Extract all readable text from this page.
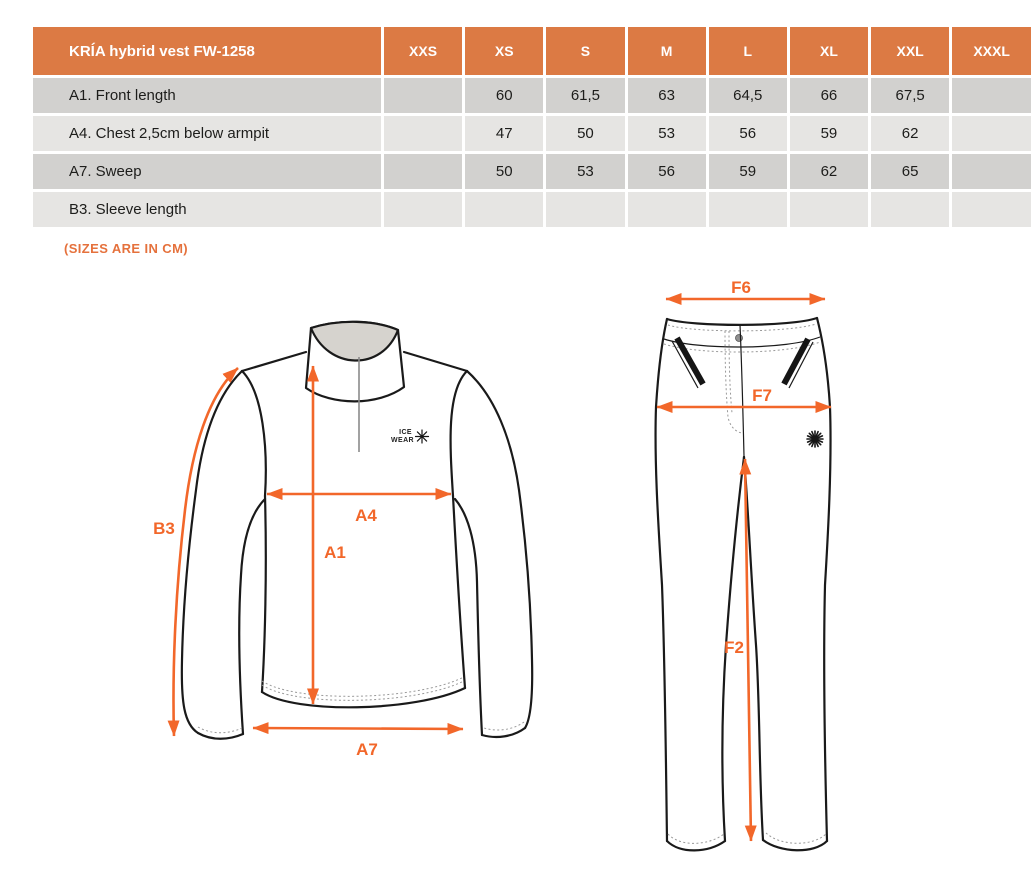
KRÍA hybrid vest FW-1258	XXS	XS	S	M	L	XL	XXL	XXXL
A1. Front length		60	61,5	63	64,5	66	67,5	
A4. Chest 2,5cm below armpit		47	50	53	56	59	62	
A7. Sweep		50	53	56	59	62	65	
B3. Sleeve length								
(SIZES ARE IN CM)
ICE
WEAR
B3
A4
A1
A7
F6
F7
F2
